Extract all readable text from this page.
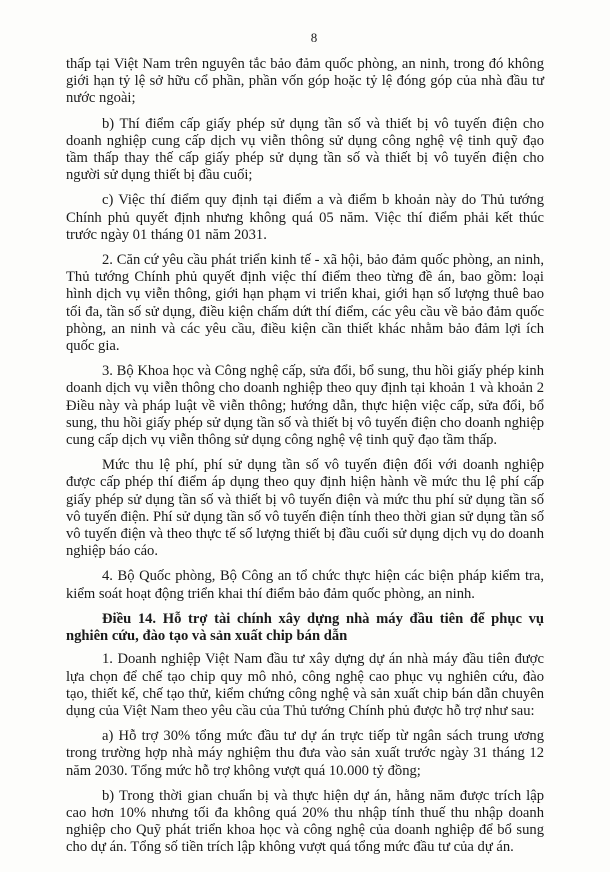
8

thấp tại Việt Nam trên nguyên tắc bảo đảm quốc phòng, an ninh, trong đó không giới hạn tỷ lệ sở hữu cổ phần, phần vốn góp hoặc tỷ lệ đóng góp của nhà đầu tư nước ngoài;

b) Thí điểm cấp giấy phép sử dụng tần số và thiết bị vô tuyến điện cho doanh nghiệp cung cấp dịch vụ viễn thông sử dụng công nghệ vệ tinh quỹ đạo tầm thấp thay thế cấp giấy phép sử dụng tần số và thiết bị vô tuyến điện cho người sử dụng thiết bị đầu cuối;

c) Việc thí điểm quy định tại điểm a và điểm b khoản này do Thủ tướng Chính phủ quyết định nhưng không quá 05 năm. Việc thí điểm phải kết thúc trước ngày 01 tháng 01 năm 2031.

2. Căn cứ yêu cầu phát triển kinh tế - xã hội, bảo đảm quốc phòng, an ninh, Thủ tướng Chính phủ quyết định việc thí điểm theo từng đề án, bao gồm: loại hình dịch vụ viễn thông, giới hạn phạm vi triển khai, giới hạn số lượng thuê bao tối đa, tần số sử dụng, điều kiện chấm dứt thí điểm, các yêu cầu về bảo đảm quốc phòng, an ninh và các yêu cầu, điều kiện cần thiết khác nhằm bảo đảm lợi ích quốc gia.

3. Bộ Khoa học và Công nghệ cấp, sửa đổi, bổ sung, thu hồi giấy phép kinh doanh dịch vụ viễn thông cho doanh nghiệp theo quy định tại khoản 1 và khoản 2 Điều này và pháp luật về viễn thông; hướng dẫn, thực hiện việc cấp, sửa đổi, bổ sung, thu hồi giấy phép sử dụng tần số và thiết bị vô tuyến điện cho doanh nghiệp cung cấp dịch vụ viễn thông sử dụng công nghệ vệ tinh quỹ đạo tầm thấp.

Mức thu lệ phí, phí sử dụng tần số vô tuyến điện đối với doanh nghiệp được cấp phép thí điểm áp dụng theo quy định hiện hành về mức thu lệ phí cấp giấy phép sử dụng tần số và thiết bị vô tuyến điện và mức thu phí sử dụng tần số vô tuyến điện. Phí sử dụng tần số vô tuyến điện tính theo thời gian sử dụng tần số vô tuyến điện và theo thực tế số lượng thiết bị đầu cuối sử dụng dịch vụ do doanh nghiệp báo cáo.

4. Bộ Quốc phòng, Bộ Công an tổ chức thực hiện các biện pháp kiểm tra, kiểm soát hoạt động triển khai thí điểm bảo đảm quốc phòng, an ninh.

Điều 14. Hỗ trợ tài chính xây dựng nhà máy đầu tiên để phục vụ nghiên cứu, đào tạo và sản xuất chip bán dẫn

1. Doanh nghiệp Việt Nam đầu tư xây dựng dự án nhà máy đầu tiên được lựa chọn để chế tạo chip quy mô nhỏ, công nghệ cao phục vụ nghiên cứu, đào tạo, thiết kế, chế tạo thử, kiểm chứng công nghệ và sản xuất chip bán dẫn chuyên dụng của Việt Nam theo yêu cầu của Thủ tướng Chính phủ được hỗ trợ như sau:

a) Hỗ trợ 30% tổng mức đầu tư dự án trực tiếp từ ngân sách trung ương trong trường hợp nhà máy nghiệm thu đưa vào sản xuất trước ngày 31 tháng 12 năm 2030. Tổng mức hỗ trợ không vượt quá 10.000 tỷ đồng;

b) Trong thời gian chuẩn bị và thực hiện dự án, hằng năm được trích lập cao hơn 10% nhưng tối đa không quá 20% thu nhập tính thuế thu nhập doanh nghiệp cho Quỹ phát triển khoa học và công nghệ của doanh nghiệp để bổ sung cho dự án. Tổng số tiền trích lập không vượt quá tổng mức đầu tư của dự án.
